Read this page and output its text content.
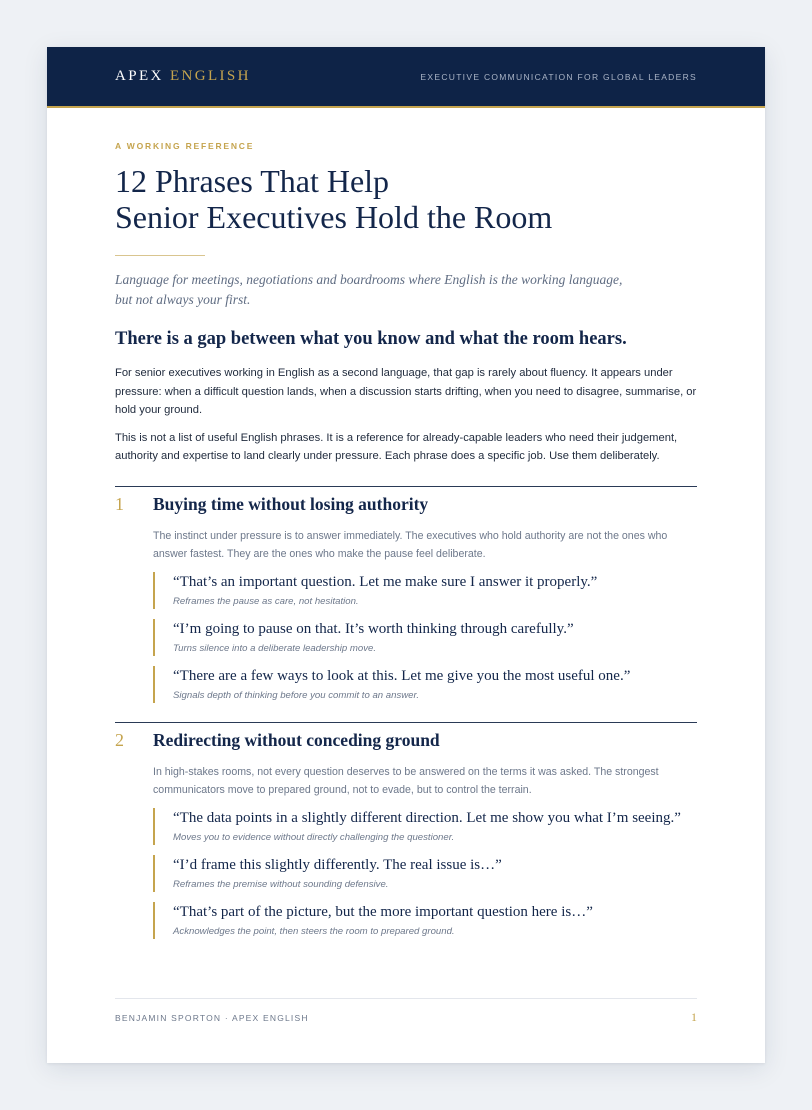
APEX ENGLISH	EXECUTIVE COMMUNICATION FOR GLOBAL LEADERS
A WORKING REFERENCE
12 Phrases That Help
Senior Executives Hold the Room

Language for meetings, negotiations and boardrooms where English is the working language,
but not always your first.

There is a gap between what you know and what the room hears.

For senior executives working in English as a second language, that gap is rarely about fluency. It appears under pressure: when a difficult question lands, when a discussion starts drifting, when you need to disagree, summarise, or hold your ground.

This is not a list of useful English phrases. It is a reference for already-capable leaders who need their judgement, authority and expertise to land clearly under pressure. Each phrase does a specific job. Use them deliberately.

1	Buying time without losing authority

The instinct under pressure is to answer immediately. The executives who hold authority are not the ones who answer fastest. They are the ones who make the pause feel deliberate.

“That’s an important question. Let me make sure I answer it properly.”
Reframes the pause as care, not hesitation.
“I’m going to pause on that. It’s worth thinking through carefully.”
Turns silence into a deliberate leadership move.
“There are a few ways to look at this. Let me give you the most useful one.”
Signals depth of thinking before you commit to an answer.
2	Redirecting without conceding ground

In high-stakes rooms, not every question deserves to be answered on the terms it was asked. The strongest communicators move to prepared ground, not to evade, but to control the terrain.

“The data points in a slightly different direction. Let me show you what I’m seeing.”
Moves you to evidence without directly challenging the questioner.
“I’d frame this slightly differently. The real issue is…”
Reframes the premise without sounding defensive.
“That’s part of the picture, but the more important question here is…”
Acknowledges the point, then steers the room to prepared ground.
BENJAMIN SPORTON · APEX ENGLISH	1
